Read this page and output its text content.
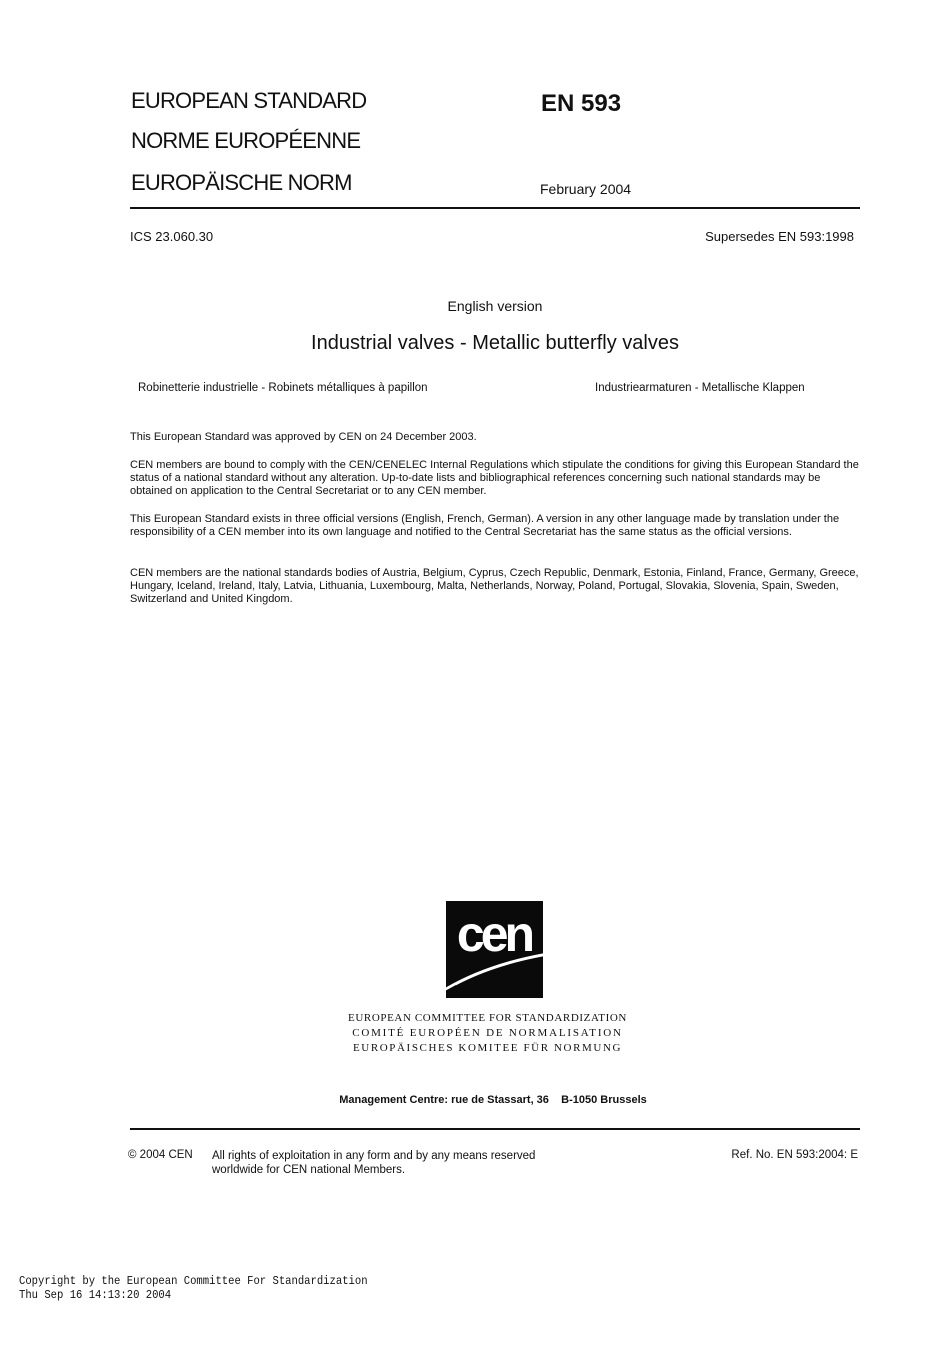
EUROPEAN STANDARD
NORME EUROPÉENNE
EUROPÄISCHE NORM
EN 593
February 2004
ICS 23.060.30	Supersedes EN 593:1998
English version
Industrial valves - Metallic butterfly valves
Robinetterie industrielle - Robinets métalliques à papillon	Industriearmaturen - Metallische Klappen
This European Standard was approved by CEN on 24 December 2003.
CEN members are bound to comply with the CEN/CENELEC Internal Regulations which stipulate the conditions for giving this European Standard the status of a national standard without any alteration. Up-to-date lists and bibliographical references concerning such national standards may be obtained on application to the Central Secretariat or to any CEN member.
This European Standard exists in three official versions (English, French, German). A version in any other language made by translation under the responsibility of a CEN member into its own language and notified to the Central Secretariat has the same status as the official versions.
CEN members are the national standards bodies of Austria, Belgium, Cyprus, Czech Republic, Denmark, Estonia, Finland, France, Germany, Greece, Hungary, Iceland, Ireland, Italy, Latvia, Lithuania, Luxembourg, Malta, Netherlands, Norway, Poland, Portugal, Slovakia, Slovenia, Spain, Sweden, Switzerland and United Kingdom.
cen
EUROPEAN COMMITTEE FOR STANDARDIZATION
COMITÉ EUROPÉEN DE NORMALISATION
EUROPÄISCHES KOMITEE FÜR NORMUNG
Management Centre: rue de Stassart, 36    B-1050 Brussels
© 2004 CEN All rights of exploitation in any form and by any means reserved worldwide for CEN national Members.
Ref. No. EN 593:2004: E
Copyright by the European Committee For Standardization
Thu Sep 16 14:13:20 2004
